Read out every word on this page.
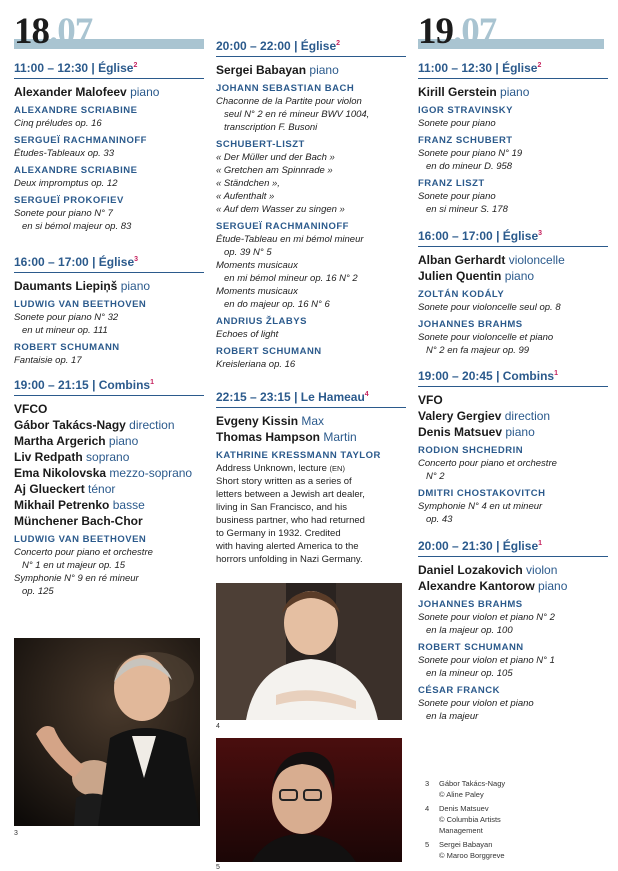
18.07	19.07
11:00 – 12:30 | Église$^2$
Alexander Malofeev piano
ALEXANDRE SCRIABINE
Cinq préludes op. 16
SERGUEÏ RACHMANINOFF
Études-Tableaux op. 33
ALEXANDRE SCRIABINE
Deux impromptus op. 12
SERGUEÏ PROKOFIEV
Sonete pour piano N° 7
en si bémol majeur op. 83
16:00 – 17:00 | Église$^3$
Daumants Liepiņš piano
LUDWIG VAN BEETHOVEN
Sonete pour piano N° 32
en ut mineur op. 111
ROBERT SCHUMANN
Fantaisie op. 17
19:00 – 21:15 | Combins$^1$
VFCO
Gábor Takács-Nagy direction
Martha Argerich piano
Liv Redpath soprano
Ema Nikolovska mezzo-soprano
Aj Glueckert ténor
Mikhail Petrenko basse
Münchener Bach-Chor
LUDWIG VAN BEETHOVEN
Concerto pour piano et orchestre
N° 1 en ut majeur op. 15
Symphonie N° 9 en ré mineur
op. 125
20:00 – 22:00 | Église$^2$
Sergei Babayan piano
JOHANN SEBASTIAN BACH
Chaconne de la Partite pour violon
seul N° 2 en ré mineur BWV 1004,
transcription F. Busoni
SCHUBERT-LISZT
« Der Müller und der Bach »
« Gretchen am Spinnrade »
« Ständchen »,
« Aufenthalt »
« Auf dem Wasser zu singen »
SERGUEÏ RACHMANINOFF
Étude-Tableau en mi bémol mineur
op. 39 N° 5
Moments musicaux
en mi bémol mineur op. 16 N° 2
Moments musicaux
en do majeur op. 16 N° 6
ANDRIUS ŽLABYS
Echoes of light
ROBERT SCHUMANN
Kreisleriana op. 16
22:15 – 23:15 | Le Hameau$^4$
Evgeny Kissin Max
Thomas Hampson Martin
KATHRINE KRESSMANN TAYLOR
Address Unknown, lecture (EN)
Short story written as a series of
letters between a Jewish art dealer,
living in San Francisco, and his
business partner, who had returned
to Germany in 1932. Credited
with having alerted America to the
horrors unfolding in Nazi Germany.
11:00 – 12:30 | Église$^2$
Kirill Gerstein piano
IGOR STRAVINSKY
Sonete pour piano
FRANZ SCHUBERT
Sonete pour piano N° 19
en do mineur D. 958
FRANZ LISZT
Sonete pour piano
en si mineur S. 178
16:00 – 17:00 | Église$^3$
Alban Gerhardt violoncelle
Julien Quentin piano
ZOLTÁN KODÁLY
Sonete pour violoncelle seul op. 8
JOHANNES BRAHMS
Sonete pour violoncelle et piano
N° 2 en fa majeur op. 99
19:00 – 20:45 | Combins$^1$
VFO
Valery Gergiev direction
Denis Matsuev piano
RODION SHCHEDRIN
Concerto pour piano et orchestre
N° 2
DMITRI CHOSTAKOVITCH
Symphonie N° 4 en ut mineur
op. 43
20:00 – 21:30 | Église$^1$
Daniel Lozakovich violon
Alexandre Kantorow piano
JOHANNES BRAHMS
Sonete pour violon et piano N° 2
en la majeur op. 100
ROBERT SCHUMANN
Sonete pour violon et piano N° 1
en la mineur op. 105
CÉSAR FRANCK
Sonete pour violon et piano
en la majeur
3
4
5
3	Gábor Takács-Nagy
© Aline Paley
4	Denis Matsuev
© Columbia Artists
Management
5	Sergei Babayan
© Maroo Borggreve
